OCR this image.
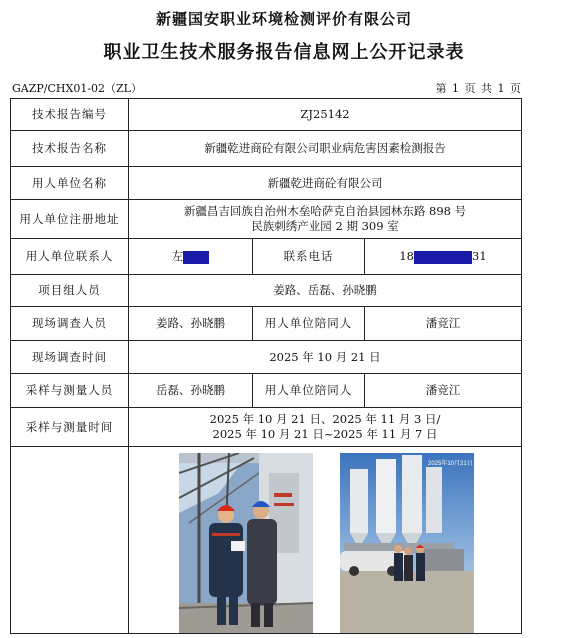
新疆国安职业环境检测评价有限公司
职业卫生技术服务报告信息网上公开记录表
GAZP/CHX01-02（ZL）	第 1 页 共 1 页
技术报告编号	ZJ25142		
技术报告名称	新疆乾进商砼有限公司职业病危害因素检测报告		
用人单位名称	新疆乾进商砼有限公司		
用人单位注册地址	新疆昌吉回族自治州木垒哈萨克自治县园林东路 898 号
民族刺绣产业园 2 期 309 室		

用人单位联系人	左	联系电话	18 31
项目组人员	姜路、岳磊、孙晓鹏		
现场调查人员	姜路、孙晓鹏	用人单位陪同人	潘竞江
现场调查时间	2025 年 10 月 21 日		
采样与测量人员	岳磊、孙晓鹏	用人单位陪同人	潘竞江
采样与测量时间	2025 年 10 月 21 日、2025 年 11 月 3 日/
2025 年 10 月 21 日~2025 年 11 月 7 日		

2025年10月21日		
